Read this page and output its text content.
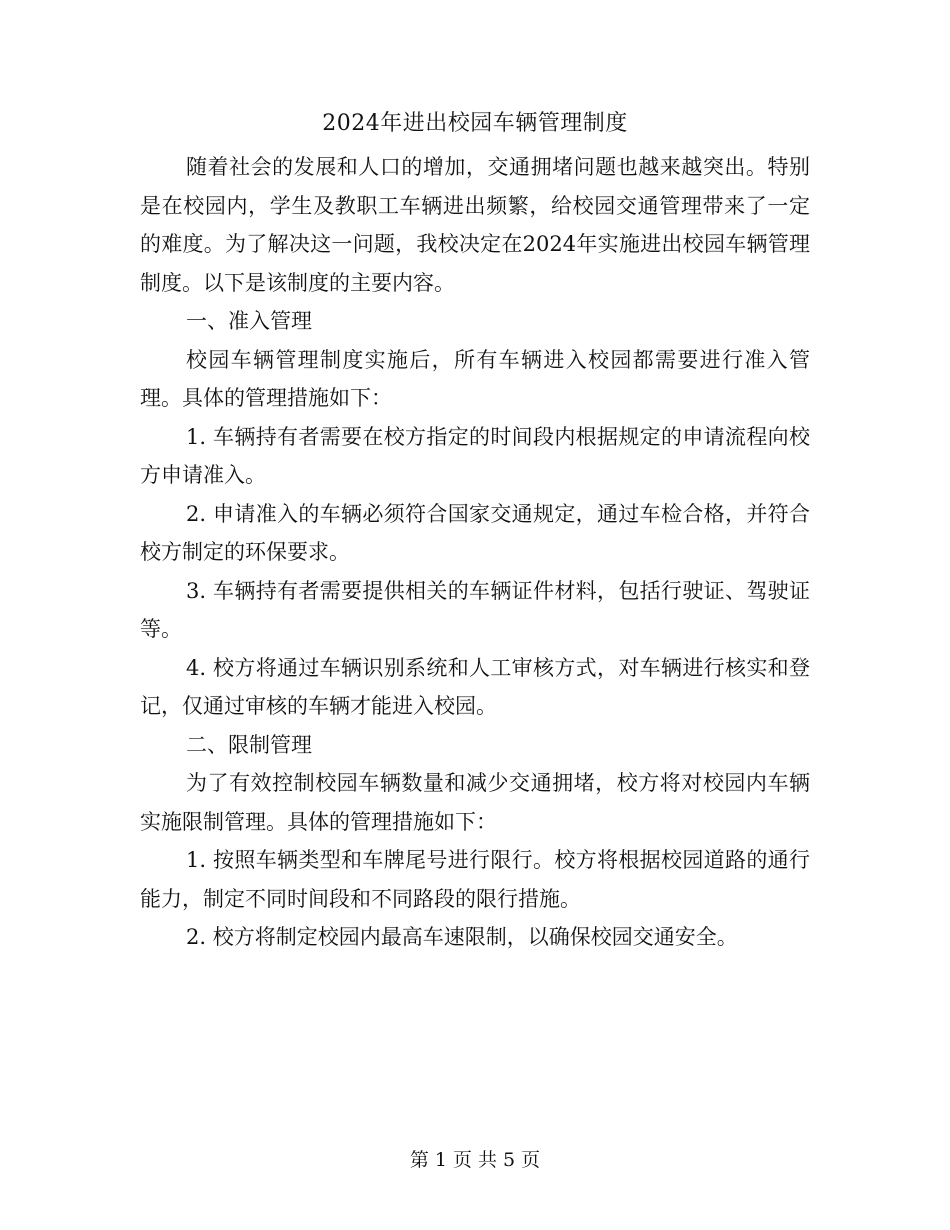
2024年进出校园车辆管理制度

随着社会的发展和人口的增加，交通拥堵问题也越来越突出。特别是在校园内，学生及教职工车辆进出频繁，给校园交通管理带来了一定的难度。为了解决这一问题，我校决定在2024年实施进出校园车辆管理制度。以下是该制度的主要内容。

一、准入管理

校园车辆管理制度实施后，所有车辆进入校园都需要进行准入管理。具体的管理措施如下：

1. 车辆持有者需要在校方指定的时间段内根据规定的申请流程向校方申请准入。

2. 申请准入的车辆必须符合国家交通规定，通过车检合格，并符合校方制定的环保要求。

3. 车辆持有者需要提供相关的车辆证件材料，包括行驶证、驾驶证等。

4. 校方将通过车辆识别系统和人工审核方式，对车辆进行核实和登记，仅通过审核的车辆才能进入校园。

二、限制管理

为了有效控制校园车辆数量和减少交通拥堵，校方将对校园内车辆实施限制管理。具体的管理措施如下：

1. 按照车辆类型和车牌尾号进行限行。校方将根据校园道路的通行能力，制定不同时间段和不同路段的限行措施。

2. 校方将制定校园内最高车速限制，以确保校园交通安全。

第 1 页 共 5 页
